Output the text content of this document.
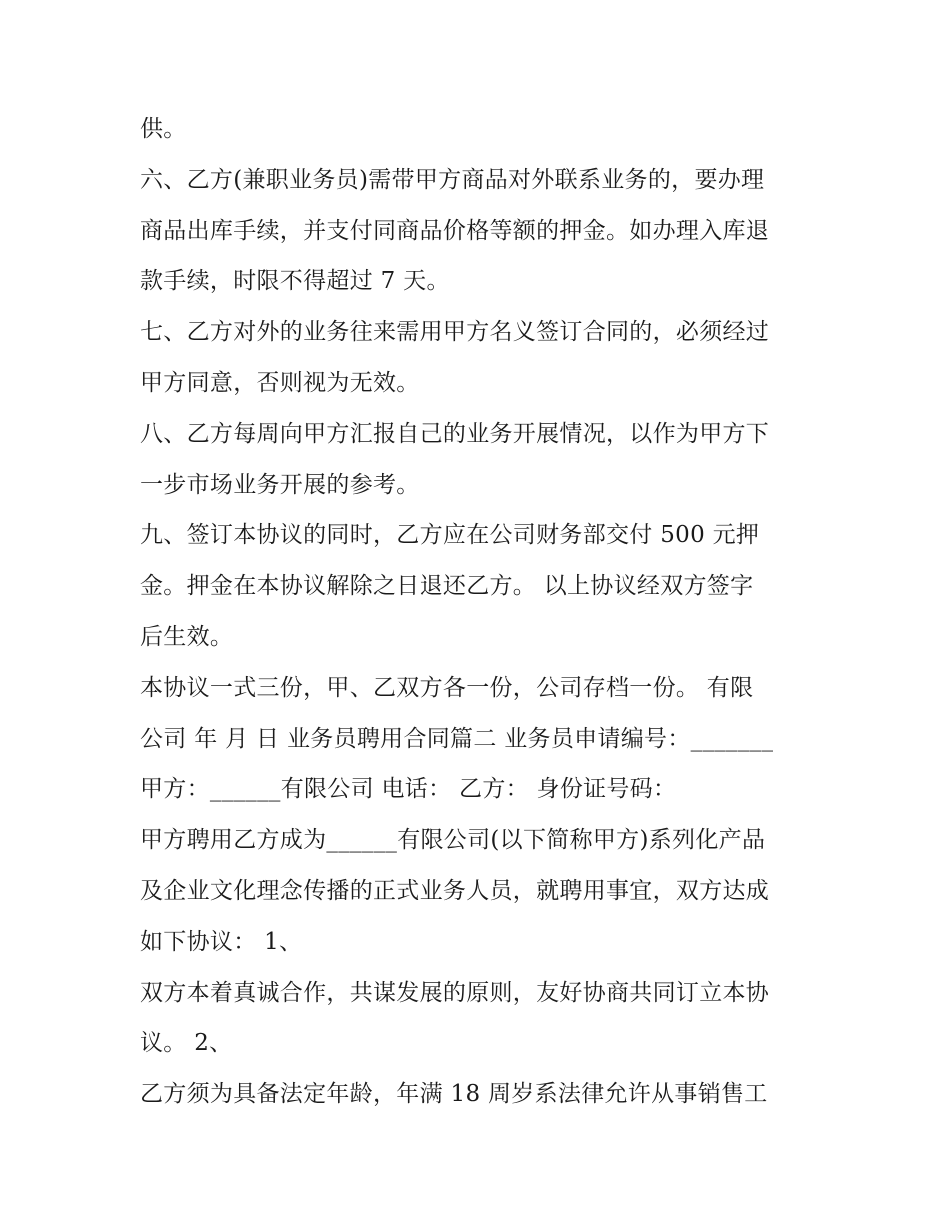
供。
六、乙方(兼职业务员)需带甲方商品对外联系业务的，要办理
商品出库手续，并支付同商品价格等额的押金。如办理入库退
款手续，时限不得超过 7 天。
七、乙方对外的业务往来需用甲方名义签订合同的，必须经过
甲方同意，否则视为无效。
八、乙方每周向甲方汇报自己的业务开展情况，以作为甲方下
一步市场业务开展的参考。
九、签订本协议的同时，乙方应在公司财务部交付 500 元押
金。押金在本协议解除之日退还乙方。 以上协议经双方签字
后生效。
本协议一式三份，甲、乙双方各一份，公司存档一份。 有限
公司 年 月 日 业务员聘用合同篇二 业务员申请编号：_______
甲方：______有限公司 电话： 乙方： 身份证号码：
甲方聘用乙方成为______有限公司(以下简称甲方)系列化产品
及企业文化理念传播的正式业务人员，就聘用事宜，双方达成
如下协议： 1、
双方本着真诚合作，共谋发展的原则，友好协商共同订立本协
议。 2、
乙方须为具备法定年龄，年满 18 周岁系法律允许从事销售工
